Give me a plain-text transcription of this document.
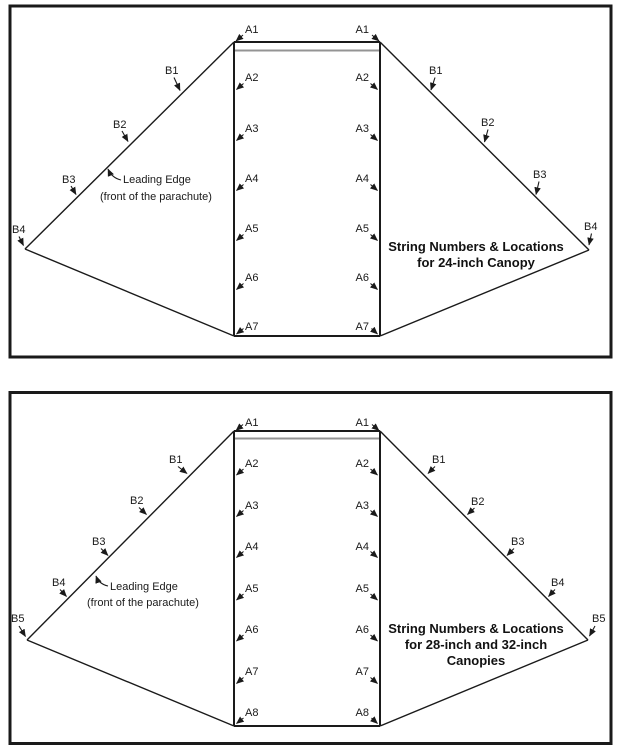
A1
A2
A3
A4
A5
A6
A7
A1
A2
A3
A4
A5
A6
A7
B1
B2
B3
B4
B1
B2
B3
B4
Leading Edge
(front of the parachute)
String Numbers & Locations
for 24-inch Canopy
A1
A2
A3
A4
A5
A6
A7
A8
A1
A2
A3
A4
A5
A6
A7
A8
B1
B2
B3
B4
B5
B1
B2
B3
B4
B5
Leading Edge
(front of the parachute)
String Numbers & Locations
for 28-inch and 32-inch
Canopies
